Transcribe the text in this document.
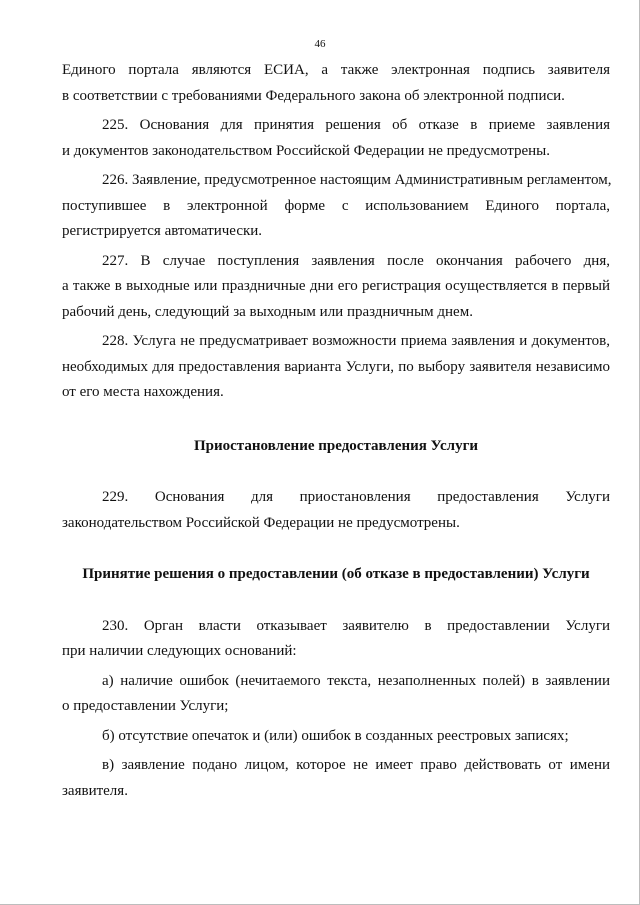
46
Единого портала являются ЕСИА, а также электронная подпись заявителя
в соответствии с требованиями Федерального закона об электронной подписи.
225. Основания для принятия решения об отказе в приеме заявления
и документов законодательством Российской Федерации не предусмотрены.
226. Заявление, предусмотренное настоящим Административным регламентом,
поступившее в электронной форме с использованием Единого портала,
регистрируется автоматически.
227. В случае поступления заявления после окончания рабочего дня,
а также в выходные или праздничные дни его регистрация осуществляется в первый
рабочий день, следующий за выходным или праздничным днем.
228. Услуга не предусматривает возможности приема заявления и документов,
необходимых для предоставления варианта Услуги, по выбору заявителя независимо
от его места нахождения.
Приостановление предоставления Услуги
229. Основания для приостановления предоставления Услуги
законодательством Российской Федерации не предусмотрены.
Принятие решения о предоставлении (об отказе в предоставлении) Услуги
230. Орган власти отказывает заявителю в предоставлении Услуги
при наличии следующих оснований:
а) наличие ошибок (нечитаемого текста, незаполненных полей) в заявлении
о предоставлении Услуги;
б) отсутствие опечаток и (или) ошибок в созданных реестровых записях;
в) заявление подано лицом, которое не имеет право действовать от имени
заявителя.
